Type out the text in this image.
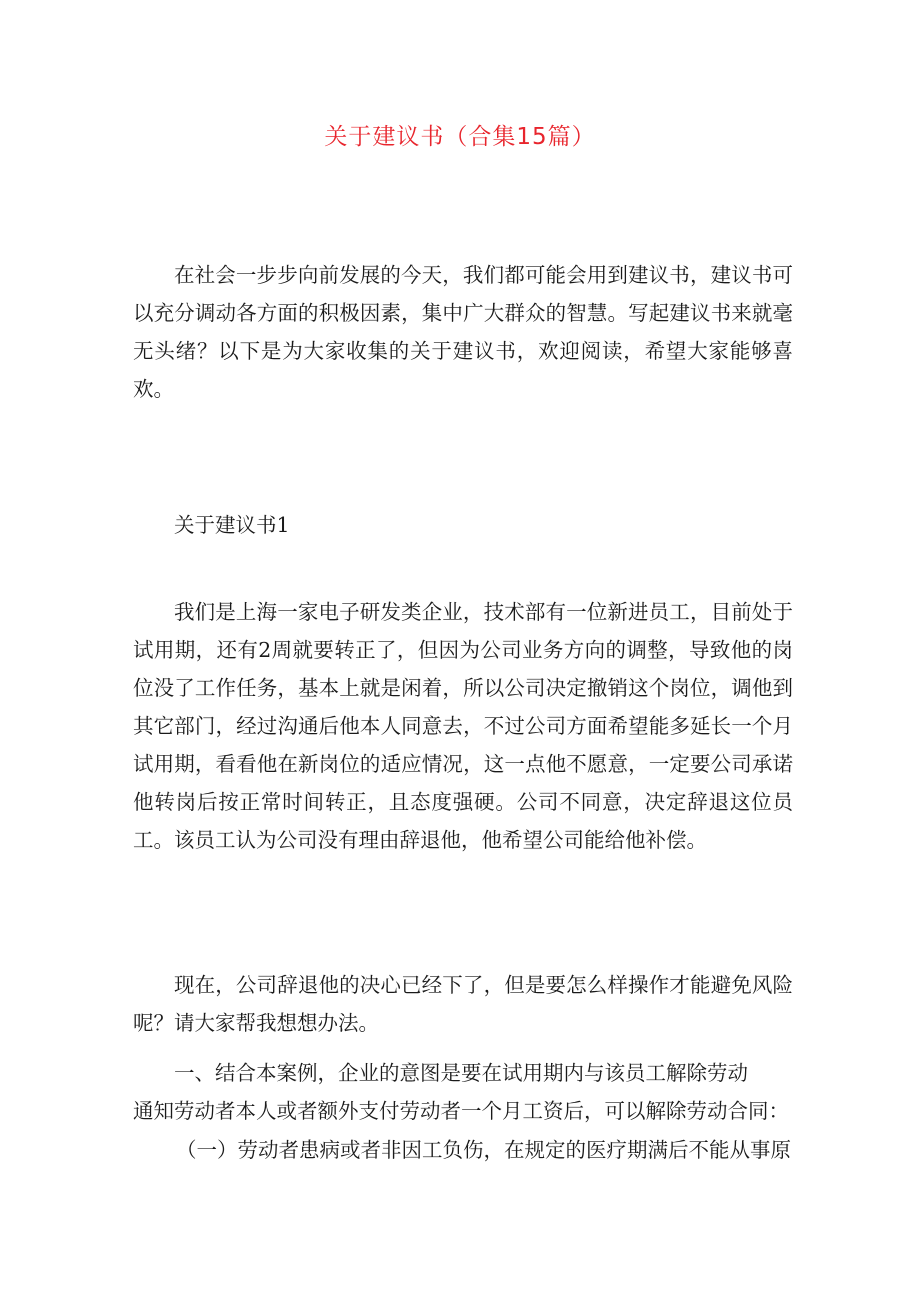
关于建议书（合集15篇）

在社会一步步向前发展的今天，我们都可能会用到建议书，建议书可以充分调动各方面的积极因素，集中广大群众的智慧。写起建议书来就毫无头绪？以下是为大家收集的关于建议书，欢迎阅读，希望大家能够喜欢。

关于建议书1

我们是上海一家电子研发类企业，技术部有一位新进员工，目前处于试用期，还有2周就要转正了，但因为公司业务方向的调整，导致他的岗位没了工作任务，基本上就是闲着，所以公司决定撤销这个岗位，调他到其它部门，经过沟通后他本人同意去，不过公司方面希望能多延长一个月试用期，看看他在新岗位的适应情况，这一点他不愿意，一定要公司承诺他转岗后按正常时间转正，且态度强硬。公司不同意，决定辞退这位员工。该员工认为公司没有理由辞退他，他希望公司能给他补偿。

现在，公司辞退他的决心已经下了，但是要怎么样操作才能避免风险呢？请大家帮我想想办法。

一、结合本案例，企业的意图是要在试用期内与该员工解除劳动

通知劳动者本人或者额外支付劳动者一个月工资后，可以解除劳动合同：

（一）劳动者患病或者非因工负伤，在规定的医疗期满后不能从事原
